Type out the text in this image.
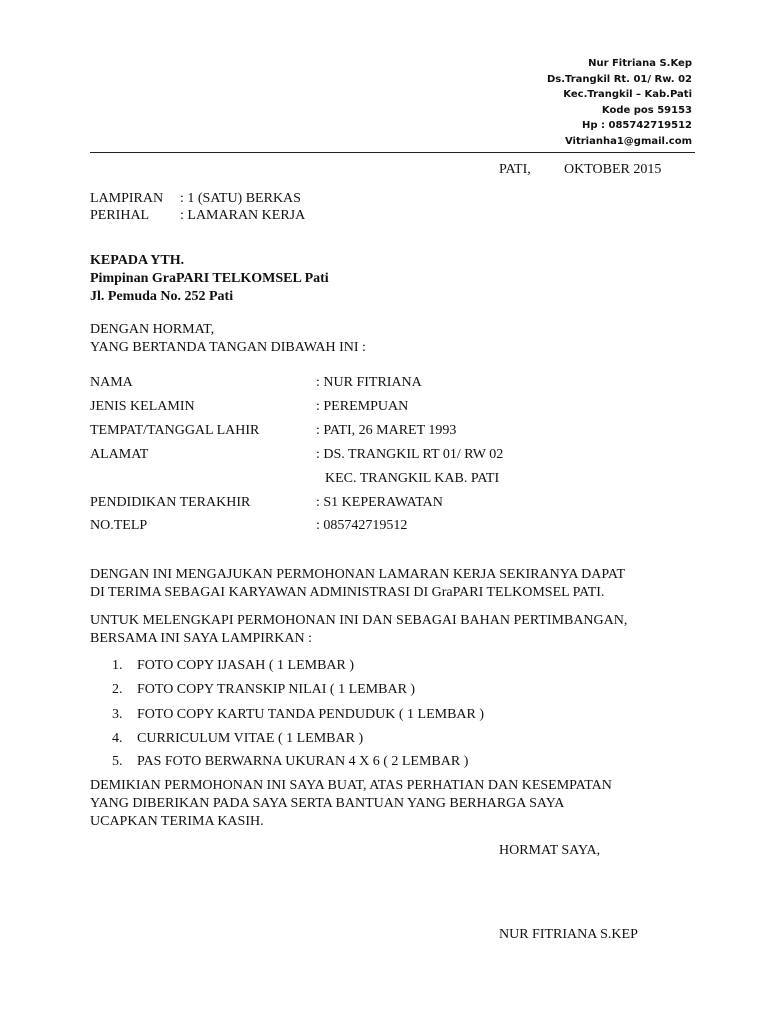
Nur Fitriana S.Kep
Ds.Trangkil Rt. 01/ Rw. 02
Kec.Trangkil – Kab.Pati
Kode pos 59153
Hp : 085742719512
Vitrianha1@gmail.com
PATI, OKTOBER 2015
LAMPIRAN : 1 (SATU) BERKAS
PERIHAL : LAMARAN KERJA
KEPADA YTH.
Pimpinan GraPARI TELKOMSEL Pati
Jl. Pemuda No. 252 Pati
DENGAN HORMAT,
YANG BERTANDA TANGAN DIBAWAH INI :
NAMA	: NUR FITRIANA
JENIS KELAMIN	: PEREMPUAN
TEMPAT/TANGGAL LAHIR	: PATI, 26 MARET 1993
ALAMAT	: DS. TRANGKIL RT 01/ RW 02
KEC. TRANGKIL KAB. PATI
PENDIDIKAN TERAKHIR	: S1 KEPERAWATAN
NO.TELP	: 085742719512
DENGAN INI MENGAJUKAN PERMOHONAN LAMARAN KERJA SEKIRANYA DAPAT
DI TERIMA SEBAGAI KARYAWAN ADMINISTRASI DI GraPARI TELKOMSEL PATI.
UNTUK MELENGKAPI PERMOHONAN INI DAN SEBAGAI BAHAN PERTIMBANGAN,
BERSAMA INI SAYA LAMPIRKAN :
1. FOTO COPY IJASAH ( 1 LEMBAR )
2. FOTO COPY TRANSKIP NILAI ( 1 LEMBAR )
3. FOTO COPY KARTU TANDA PENDUDUK ( 1 LEMBAR )
4. CURRICULUM VITAE ( 1 LEMBAR )
5. PAS FOTO BERWARNA UKURAN 4 X 6 ( 2 LEMBAR )
DEMIKIAN PERMOHONAN INI SAYA BUAT, ATAS PERHATIAN DAN KESEMPATAN
YANG DIBERIKAN PADA SAYA SERTA BANTUAN YANG BERHARGA SAYA
UCAPKAN TERIMA KASIH.
HORMAT SAYA,
NUR FITRIANA S.KEP
